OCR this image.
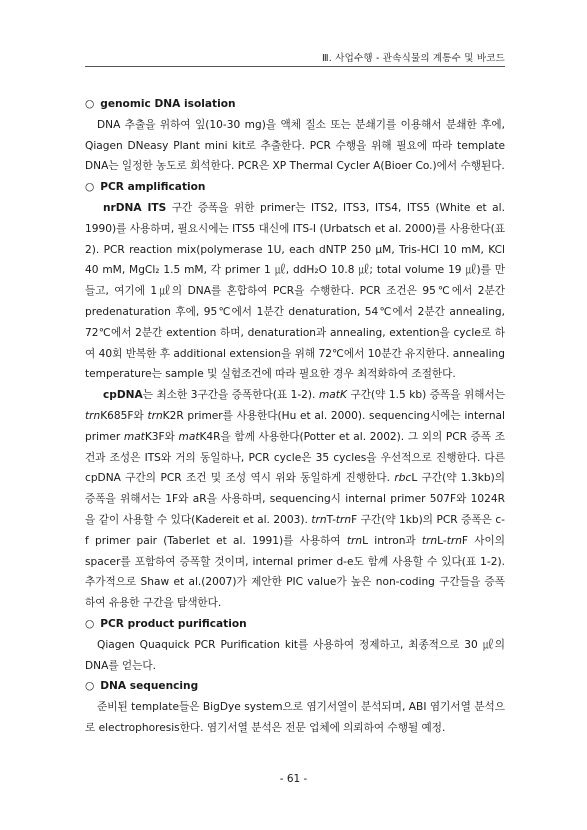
Ⅲ. 사업수행 - 관속식물의 계통수 및 바코드

○ genomic DNA isolation

DNA 추출을 위하여 잎(10-30 mg)을 액체 질소 또는 분쇄기를 이용해서 분쇄한 후에, Qiagen DNeasy Plant mini kit로 추출한다. PCR 수행을 위해 필요에 따라 template DNA는 일정한 농도로 희석한다. PCR은 XP Thermal Cycler A(Bioer Co.)에서 수행된다.

○ PCR amplification

nrDNA ITS 구간 증폭을 위한 primer는 ITS2, ITS3, ITS4, ITS5 (White et al. 1990)를 사용하며, 필요시에는 ITS5 대신에 ITS-I (Urbatsch et al. 2000)를 사용한다(표 2). PCR reaction mix(polymerase 1U, each dNTP 250 μM, Tris-HCl 10 mM, KCl 40 mM, MgCl₂ 1.5 mM, 각 primer 1 ㎕, ddH₂O 10.8 ㎕; total volume 19 ㎕)를 만들고, 여기에 1㎕의 DNA를 혼합하여 PCR을 수행한다. PCR 조건은 95℃에서 2분간 predenaturation 후에, 95℃에서 1분간 denaturation, 54℃에서 2분간 annealing, 72℃에서 2분간 extention 하며, denaturation과 annealing, extention을 cycle로 하여 40회 반복한 후 additional extension을 위해 72℃에서 10분간 유지한다. annealing temperature는 sample 및 실험조건에 따라 필요한 경우 최적화하여 조절한다.

cpDNA는 최소한 3구간을 증폭한다(표 1-2). matK 구간(약 1.5 kb) 증폭을 위해서는 trnK685F와 trnK2R primer를 사용한다(Hu et al. 2000). sequencing시에는 internal primer matK3F와 matK4R을 함께 사용한다(Potter et al. 2002). 그 외의 PCR 증폭 조건과 조성은 ITS와 거의 동일하나, PCR cycle은 35 cycles을 우선적으로 진행한다. 다른 cpDNA 구간의 PCR 조건 및 조성 역시 위와 동일하게 진행한다. rbcL 구간(약 1.3kb)의 증폭을 위해서는 1F와 aR을 사용하며, sequencing시 internal primer 507F와 1024R을 같이 사용할 수 있다(Kadereit et al. 2003). trnT-trnF 구간(약 1kb)의 PCR 증폭은 c-f primer pair (Taberlet et al. 1991)를 사용하여 trnL intron과 trnL-trnF 사이의 spacer를 포함하여 증폭할 것이며, internal primer d-e도 함께 사용할 수 있다(표 1-2). 추가적으로 Shaw et al.(2007)가 제안한 PIC value가 높은 non-coding 구간들을 증폭하여 유용한 구간을 탐색한다.

○ PCR product purification

Qiagen Quaquick PCR Purification kit를 사용하여 정제하고, 최종적으로 30 ㎕의 DNA를 얻는다.

○ DNA sequencing

준비된 template들은 BigDye system으로 염기서열이 분석되며, ABI 염기서열 분석으로 electrophoresis한다. 염기서열 분석은 전문 업체에 의뢰하여 수행될 예정.

- 61 -
